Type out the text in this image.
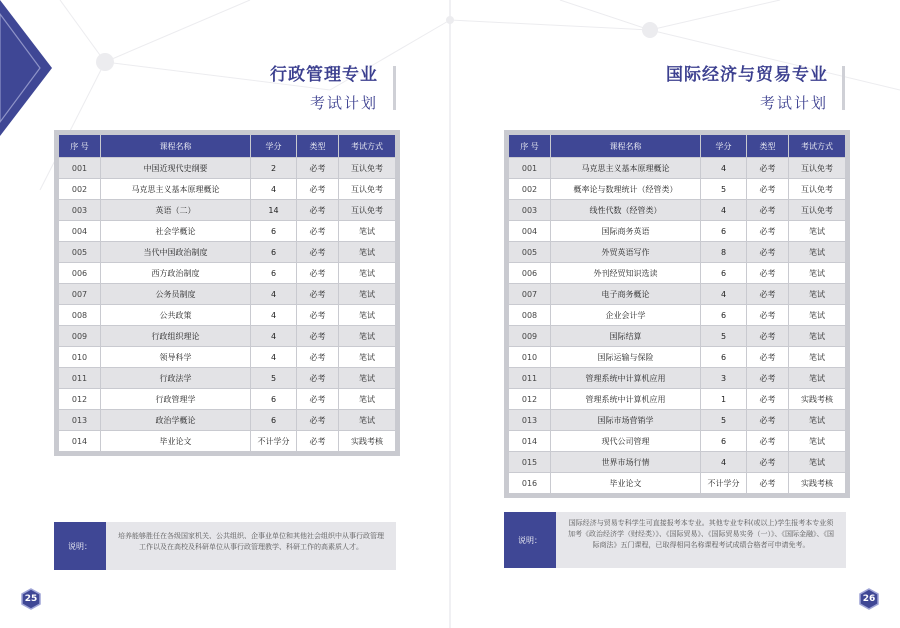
行政管理专业
考试计划
序 号	课程名称	学分	类型	考试方式
001	中国近现代史纲要	2	必考	互认免考
002	马克思主义基本原理概论	4	必考	互认免考
003	英语（二）	14	必考	互认免考
004	社会学概论	6	必考	笔试
005	当代中国政治制度	6	必考	笔试
006	西方政治制度	6	必考	笔试
007	公务员制度	4	必考	笔试
008	公共政策	4	必考	笔试
009	行政组织理论	4	必考	笔试
010	领导科学	4	必考	笔试
011	行政法学	5	必考	笔试
012	行政管理学	6	必考	笔试
013	政治学概论	6	必考	笔试
014	毕业论文	不计学分	必考	实践考核
说明：
培养能够胜任在各级国家机关、公共组织、企事业单位和其他社会组织中从事行政管理工作以及在高校及科研单位从事行政管理教学、科研工作的高素质人才。
25
国际经济与贸易专业
考试计划
序 号	课程名称	学分	类型	考试方式
001	马克思主义基本原理概论	4	必考	互认免考
002	概率论与数理统计（经管类）	5	必考	互认免考
003	线性代数（经管类）	4	必考	互认免考
004	国际商务英语	6	必考	笔试
005	外贸英语写作	8	必考	笔试
006	外刊经贸知识选读	6	必考	笔试
007	电子商务概论	4	必考	笔试
008	企业会计学	6	必考	笔试
009	国际结算	5	必考	笔试
010	国际运输与保险	6	必考	笔试
011	管理系统中计算机应用	3	必考	笔试
012	管理系统中计算机应用	1	必考	实践考核
013	国际市场营销学	5	必考	笔试
014	现代公司管理	6	必考	笔试
015	世界市场行情	4	必考	笔试
016	毕业论文	不计学分	必考	实践考核
说明：
国际经济与贸易专科学生可直接报考本专业。其他专业专科(或以上)学生报考本专业须加考《政治经济学（财经类）》、《国际贸易》、《国际贸易实务（一）》、《国际金融》、《国际商法》五门课程，已取得相同名称课程考试成绩合格者可申请免考。
26
